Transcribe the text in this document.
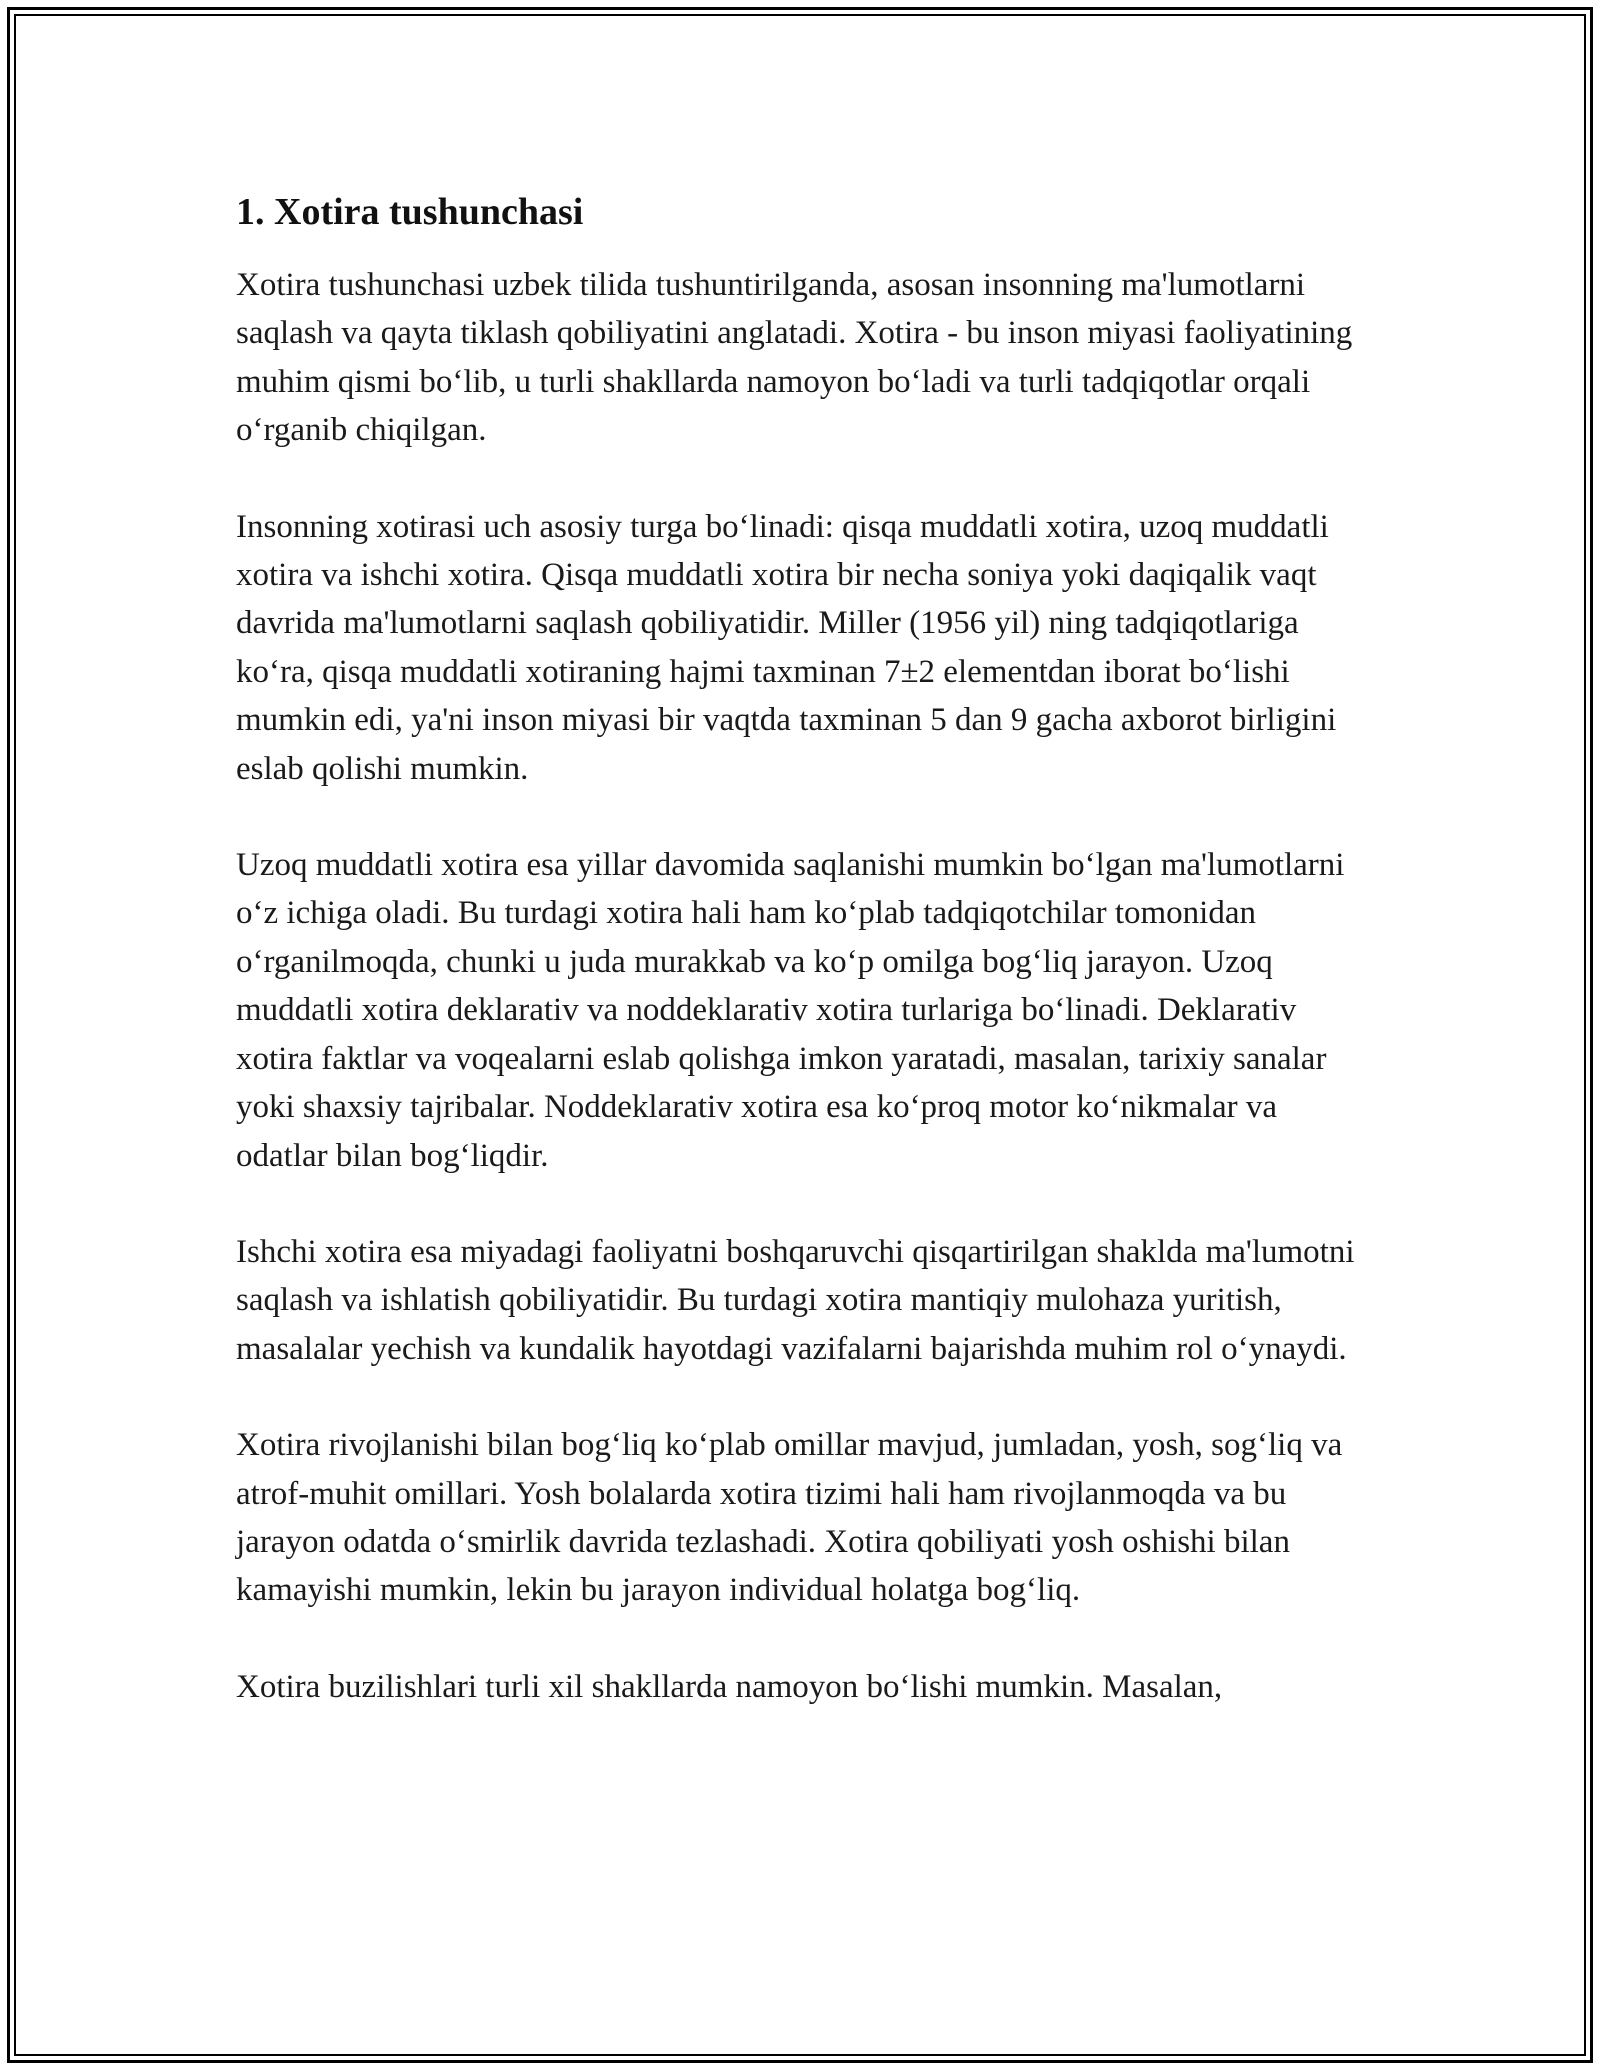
1. Xotira tushunchasi

Xotira tushunchasi uzbek tilida tushuntirilganda, asosan insonning ma'lumotlarni saqlash va qayta tiklash qobiliyatini anglatadi. Xotira - bu inson miyasi faoliyatining muhim qismi bo‘lib, u turli shakllarda namoyon bo‘ladi va turli tadqiqotlar orqali o‘rganib chiqilgan.

Insonning xotirasi uch asosiy turga bo‘linadi: qisqa muddatli xotira, uzoq muddatli xotira va ishchi xotira. Qisqa muddatli xotira bir necha soniya yoki daqiqalik vaqt davrida ma'lumotlarni saqlash qobiliyatidir. Miller (1956 yil) ning tadqiqotlariga ko‘ra, qisqa muddatli xotiraning hajmi taxminan 7±2 elementdan iborat bo‘lishi mumkin edi, ya'ni inson miyasi bir vaqtda taxminan 5 dan 9 gacha axborot birligini eslab qolishi mumkin.

Uzoq muddatli xotira esa yillar davomida saqlanishi mumkin bo‘lgan ma'lumotlarni o‘z ichiga oladi. Bu turdagi xotira hali ham ko‘plab tadqiqotchilar tomonidan o‘rganilmoqda, chunki u juda murakkab va ko‘p omilga bog‘liq jarayon. Uzoq muddatli xotira deklarativ va noddeklarativ xotira turlariga bo‘linadi. Deklarativ xotira faktlar va voqealarni eslab qolishga imkon yaratadi, masalan, tarixiy sanalar yoki shaxsiy tajribalar. Noddeklarativ xotira esa ko‘proq motor ko‘nikmalar va odatlar bilan bog‘liqdir.

Ishchi xotira esa miyadagi faoliyatni boshqaruvchi qisqartirilgan shaklda ma'lumotni saqlash va ishlatish qobiliyatidir. Bu turdagi xotira mantiqiy mulohaza yuritish, masalalar yechish va kundalik hayotdagi vazifalarni bajarishda muhim rol o‘ynaydi.

Xotira rivojlanishi bilan bog‘liq ko‘plab omillar mavjud, jumladan, yosh, sog‘liq va atrof-muhit omillari. Yosh bolalarda xotira tizimi hali ham rivojlanmoqda va bu jarayon odatda o‘smirlik davrida tezlashadi. Xotira qobiliyati yosh oshishi bilan kamayishi mumkin, lekin bu jarayon individual holatga bog‘liq.

Xotira buzilishlari turli xil shakllarda namoyon bo‘lishi mumkin. Masalan,
